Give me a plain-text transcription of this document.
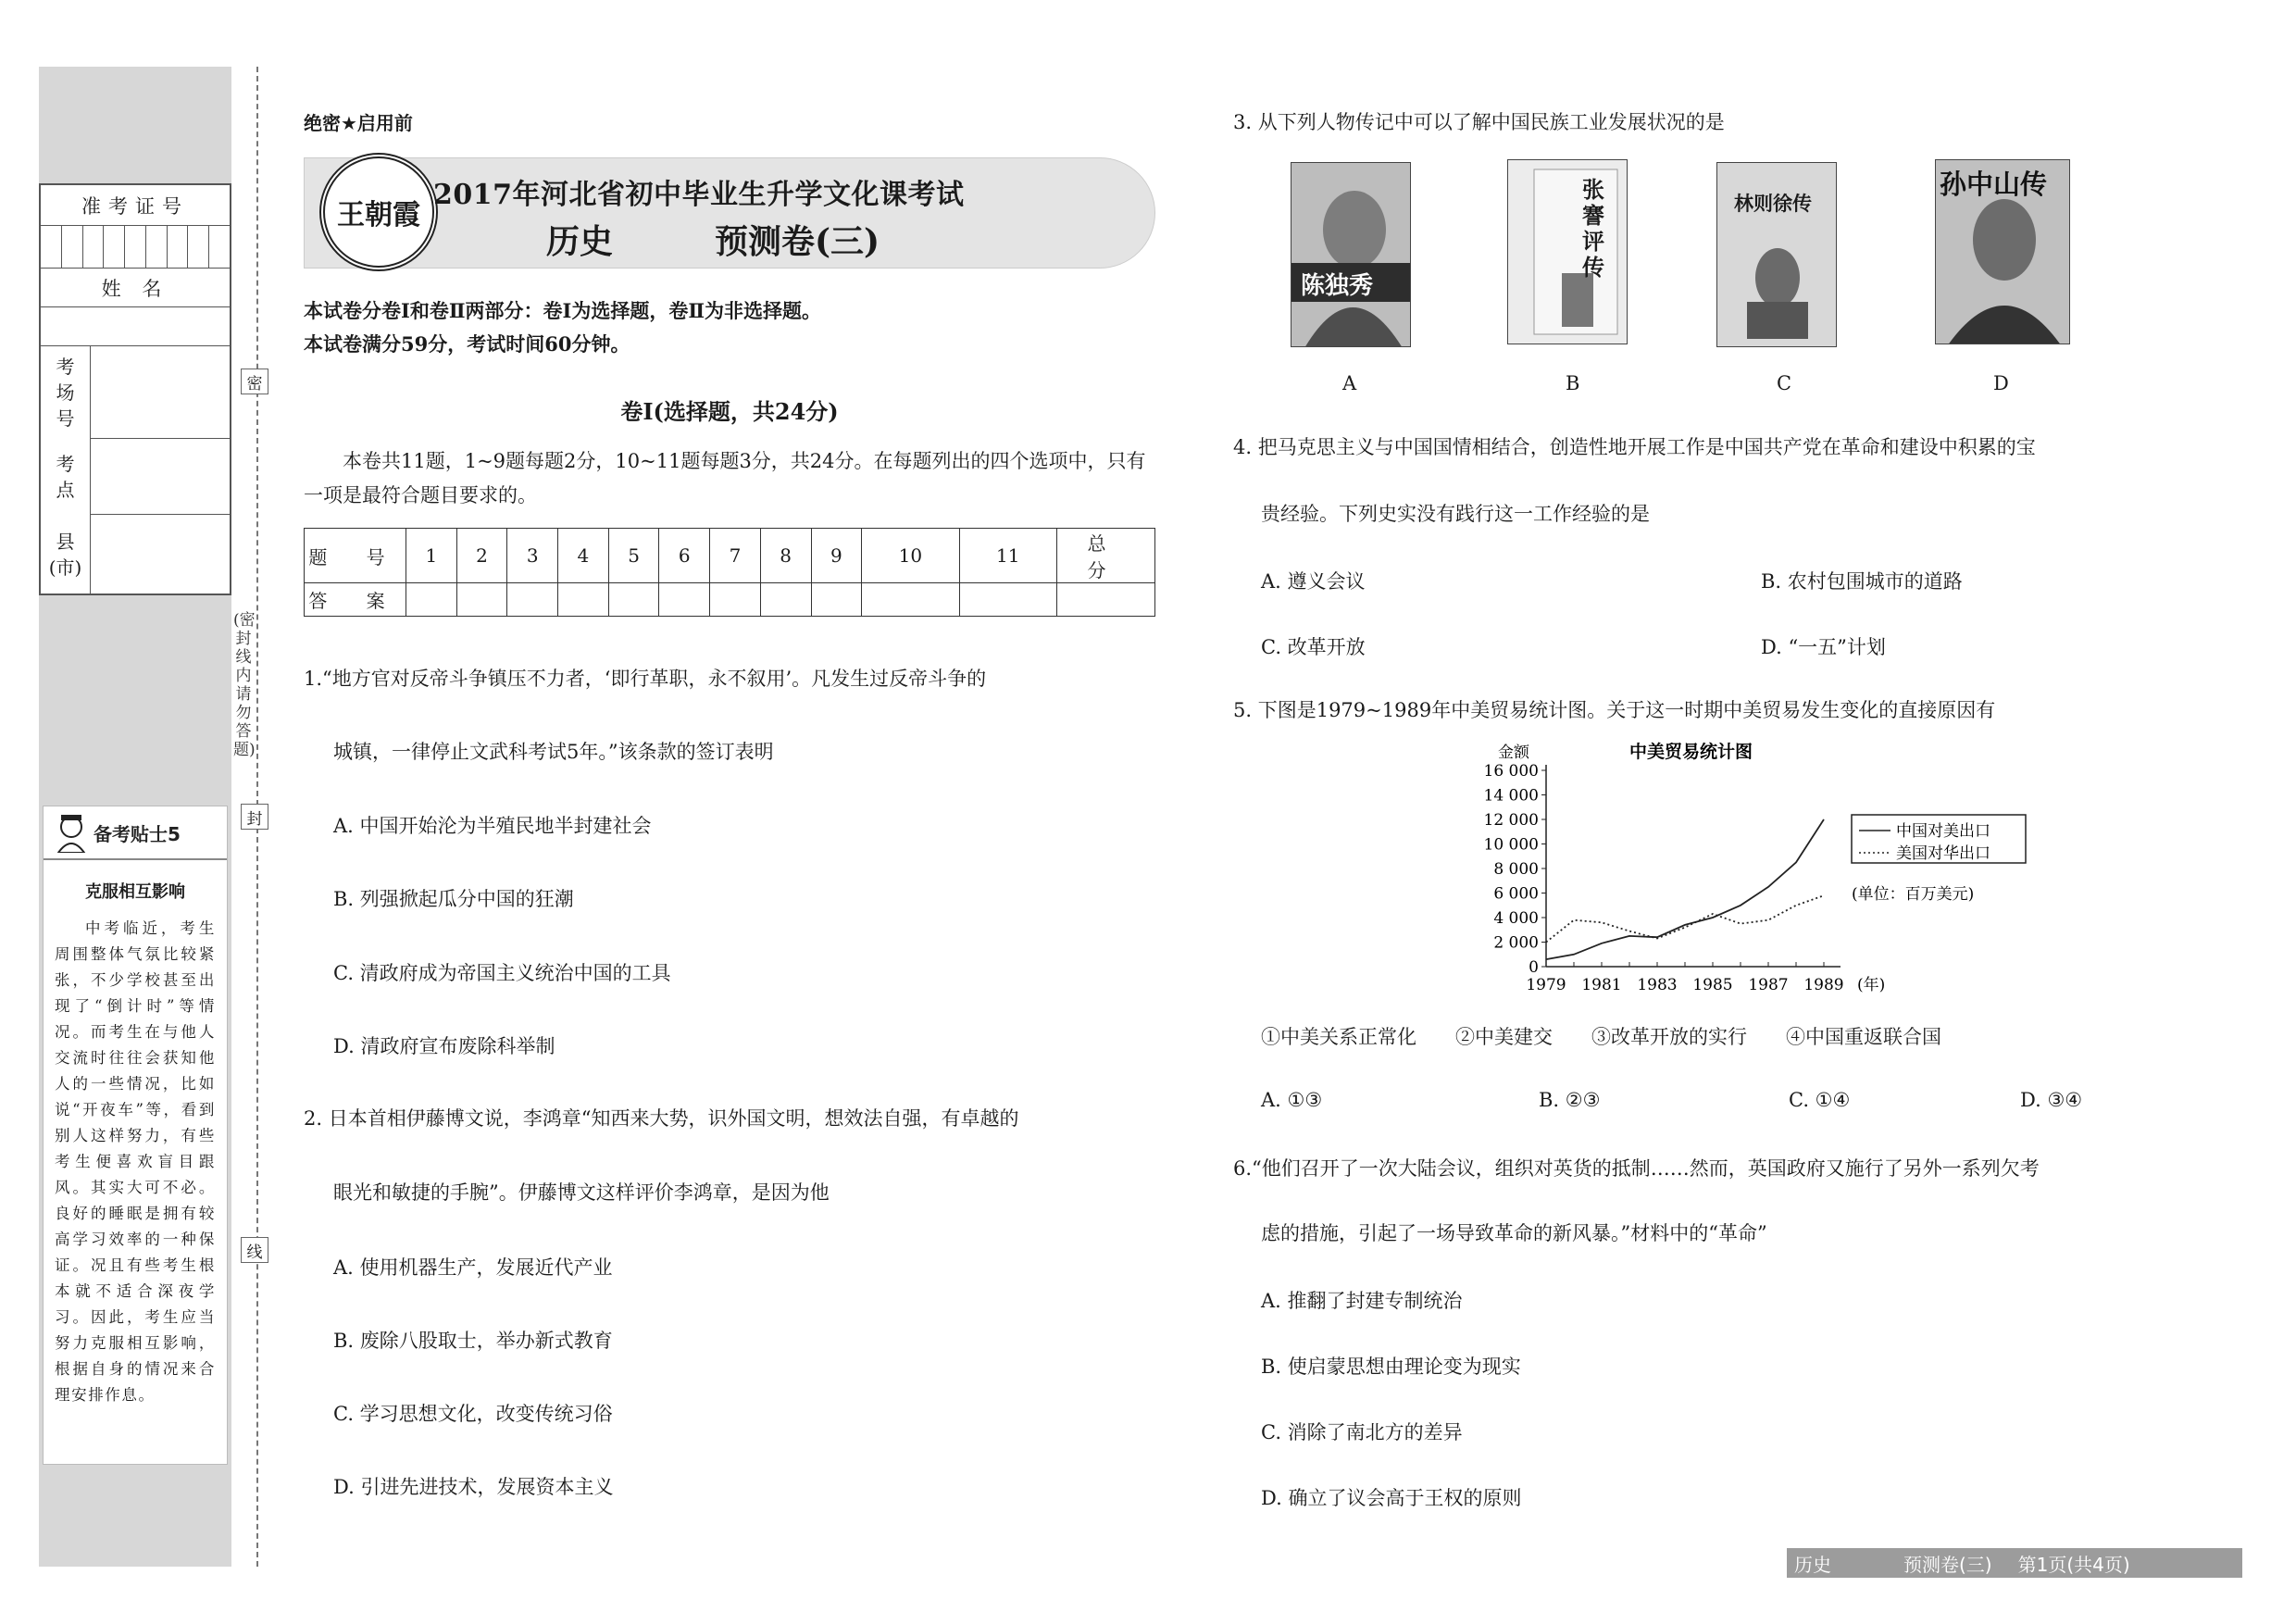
准考证号
姓 名
考
场
号
考
点
县
(市)
(密封线内请勿答题)
密
封
线
备考贴士5
克服相互影响
中考临近，考生周围整体气氛比较紧张，不少学校甚至出现了“倒计时”等情况。而考生在与他人交流时往往会获知他人的一些情况，比如说“开夜车”等，看到别人这样努力，有些考生便喜欢盲目跟风。其实大可不必。良好的睡眠是拥有较高学习效率的一种保证。况且有些考生根本就不适合深夜学习。因此，考生应当努力克服相互影响，根据自身的情况来合理安排作息。
绝密★启用前
王朝霞
2017年河北省初中毕业生升学文化课考试
历史	预测卷(三)
本试卷分卷Ⅰ和卷Ⅱ两部分：卷Ⅰ为选择题，卷Ⅱ为非选择题。
本试卷满分59分，考试时间60分钟。
卷Ⅰ(选择题，共24分)
本卷共11题，1~9题每题2分，10~11题每题3分，共24分。在每题列出的四个选项中，只有一项是最符合题目要求的。
题 号	1	2	3	4	5	6	7	8	9	10	11	总 分
答 案												
1.“地方官对反帝斗争镇压不力者，‘即行革职，永不叙用’。凡发生过反帝斗争的
城镇，一律停止文武科考试5年。”该条款的签订表明
A. 中国开始沦为半殖民地半封建社会
B. 列强掀起瓜分中国的狂潮
C. 清政府成为帝国主义统治中国的工具
D. 清政府宣布废除科举制
2. 日本首相伊藤博文说，李鸿章“知西来大势，识外国文明，想效法自强，有卓越的
眼光和敏捷的手腕”。伊藤博文这样评价李鸿章，是因为他
A. 使用机器生产，发展近代产业
B. 废除八股取士，举办新式教育
C. 学习思想文化，改变传统习俗
D. 引进先进技术，发展资本主义
3. 从下列人物传记中可以了解中国民族工业发展状况的是
陈独秀
张謇评传
林则徐传
孙中山传
A	B	C	D
4. 把马克思主义与中国国情相结合，创造性地开展工作是中国共产党在革命和建设中积累的宝
贵经验。下列史实没有践行这一工作经验的是
A. 遵义会议	B. 农村包围城市的道路
C. 改革开放	D. “一五”计划
5. 下图是1979~1989年中美贸易统计图。关于这一时期中美贸易发生变化的直接原因有
中美贸易统计图
金额
0
2 000
4 000
6 000
8 000
10 000
12 000
14 000
16 000
1979 1981 1983 1985 1987 1989 (年)
中国对美出口
美国对华出口
(单位：百万美元)
①中美关系正常化　　②中美建交　　③改革开放的实行　　④中国重返联合国
A. ①③	B. ②③	C. ①④	D. ③④
6.“他们召开了一次大陆会议，组织对英货的抵制……然而，英国政府又施行了另外一系列欠考
虑的措施，引起了一场导致革命的新风暴。”材料中的“革命”
A. 推翻了封建专制统治
B. 使启蒙思想由理论变为现实
C. 消除了南北方的差异
D. 确立了议会高于王权的原则
历史	预测卷(三) 第1页(共4页)
